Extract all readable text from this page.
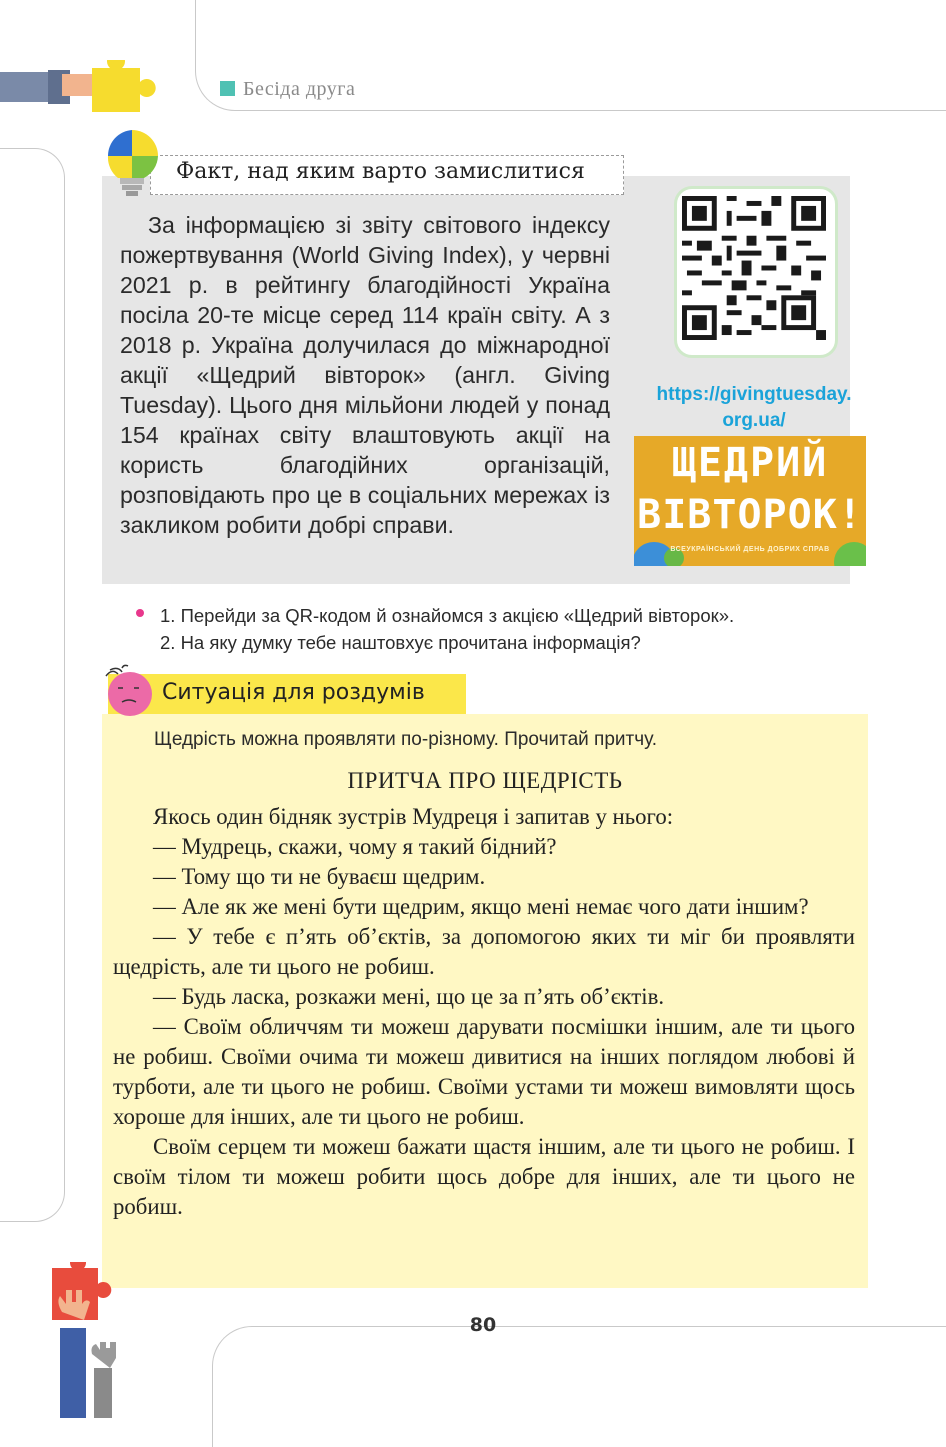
Бесіда друга
Факт, над яким варто замислитися
За інформацією зі звіту світового індексу пожертвування (World Giving Index), у червні 2021 р. в рейтингу благодійності Україна посіла 20-те місце серед 114 країн світу. А з 2018 р. Україна долучилася до міжнародної акції «Щедрий вівторок» (англ. Giving Tuesday). Цього дня мільйони людей у понад 154 країнах світу влаштовують акції на користь благодійних організацій, розповідають про це в соціальних мережах із закликом робити добрі справи.
https://givingtuesday.
org.ua/
ЩЕДРИЙ
ВІВТОРОК!
ВСЕУКРАЇНСЬКИЙ ДЕНЬ ДОБРИХ СПРАВ
1. Перейди за QR-кодом й ознайомся з акцією «Щедрий вівторок».
2. На яку думку тебе наштовхує прочитана інформація?
Ситуація для роздумів
Щедрість можна проявляти по-різному. Прочитай притчу.
ПРИТЧА ПРО ЩЕДРІСТЬ

Якось один бідняк зустрів Мудреця і запитав у нього:

— Мудрець, скажи, чому я такий бідний?

— Тому що ти не буваєш щедрим.

— Але як же мені бути щедрим, якщо мені немає чого дати іншим?

— У тебе є п’ять об’єктів, за допомогою яких ти міг би проявляти щедрість, але ти цього не робиш.

— Будь ласка, розкажи мені, що це за п’ять об’єктів.

— Своїм обличчям ти можеш дарувати посмішки іншим, але ти цього не робиш. Своїми очима ти можеш дивитися на інших поглядом любові й турботи, але ти цього не робиш. Своїми устами ти можеш вимовляти щось хороше для інших, але ти цього не робиш.

Своїм серцем ти можеш бажати щастя іншим, але ти цього не робиш. І своїм тілом ти можеш робити щось добре для інших, але ти цього не робиш.

80
